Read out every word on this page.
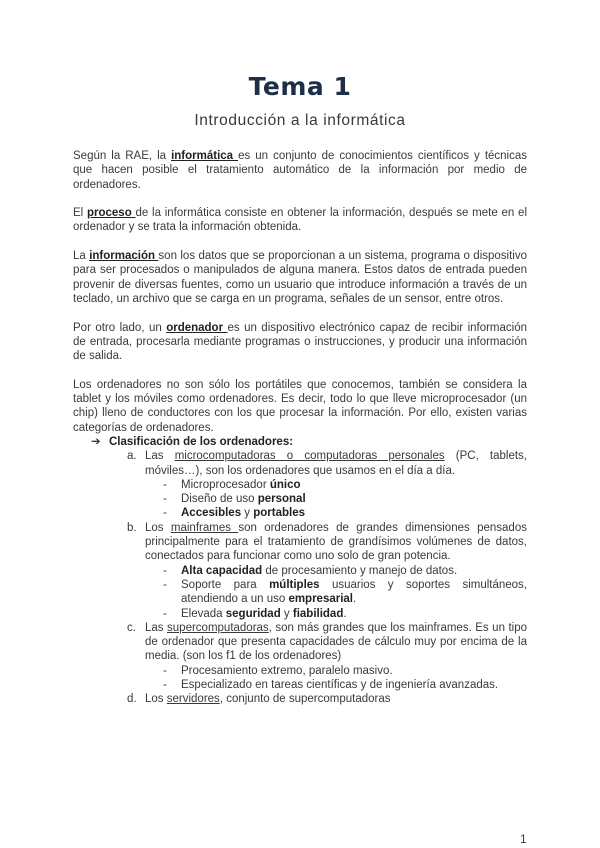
Tema 1
Introducción a la informática

Según la RAE, la informática es un conjunto de conocimientos científicos y técnicas que hacen posible el tratamiento automático de la información por medio de ordenadores.

El proceso de la informática consiste en obtener la información, después se mete en el ordenador y se trata la información obtenida.

La información son los datos que se proporcionan a un sistema, programa o dispositivo para ser procesados o manipulados de alguna manera. Estos datos de entrada pueden provenir de diversas fuentes, como un usuario que introduce información a través de un teclado, un archivo que se carga en un programa, señales de un sensor, entre otros.

Por otro lado, un ordenador es un dispositivo electrónico capaz de recibir información de entrada, procesarla mediante programas o instrucciones, y producir una información de salida.

Los ordenadores no son sólo los portátiles que conocemos, también se considera la tablet y los móviles como ordenadores. Es decir, todo lo que lleve microprocesador (un chip) lleno de conductores con los que procesar la información. Por ello, existen varias categorías de ordenadores.

➔ Clasificación de los ordenadores:
a. Las microcomputadoras o computadoras personales (PC, tablets, móviles…), son los ordenadores que usamos en el día a día.
- Microprocesador único
- Diseño de uso personal
- Accesibles y portables
b. Los mainframes son ordenadores de grandes dimensiones pensados principalmente para el tratamiento de grandísimos volúmenes de datos, conectados para funcionar como uno solo de gran potencia.
- Alta capacidad de procesamiento y manejo de datos.
- Soporte para múltiples usuarios y soportes simultáneos, atendiendo a un uso empresarial.
- Elevada seguridad y fiabilidad.
c. Las supercomputadoras, son más grandes que los mainframes. Es un tipo de ordenador que presenta capacidades de cálculo muy por encima de la media. (son los f1 de los ordenadores)
- Procesamiento extremo, paralelo masivo.
- Especializado en tareas científicas y de ingeniería avanzadas.
d. Los servidores, conjunto de supercomputadoras
1
